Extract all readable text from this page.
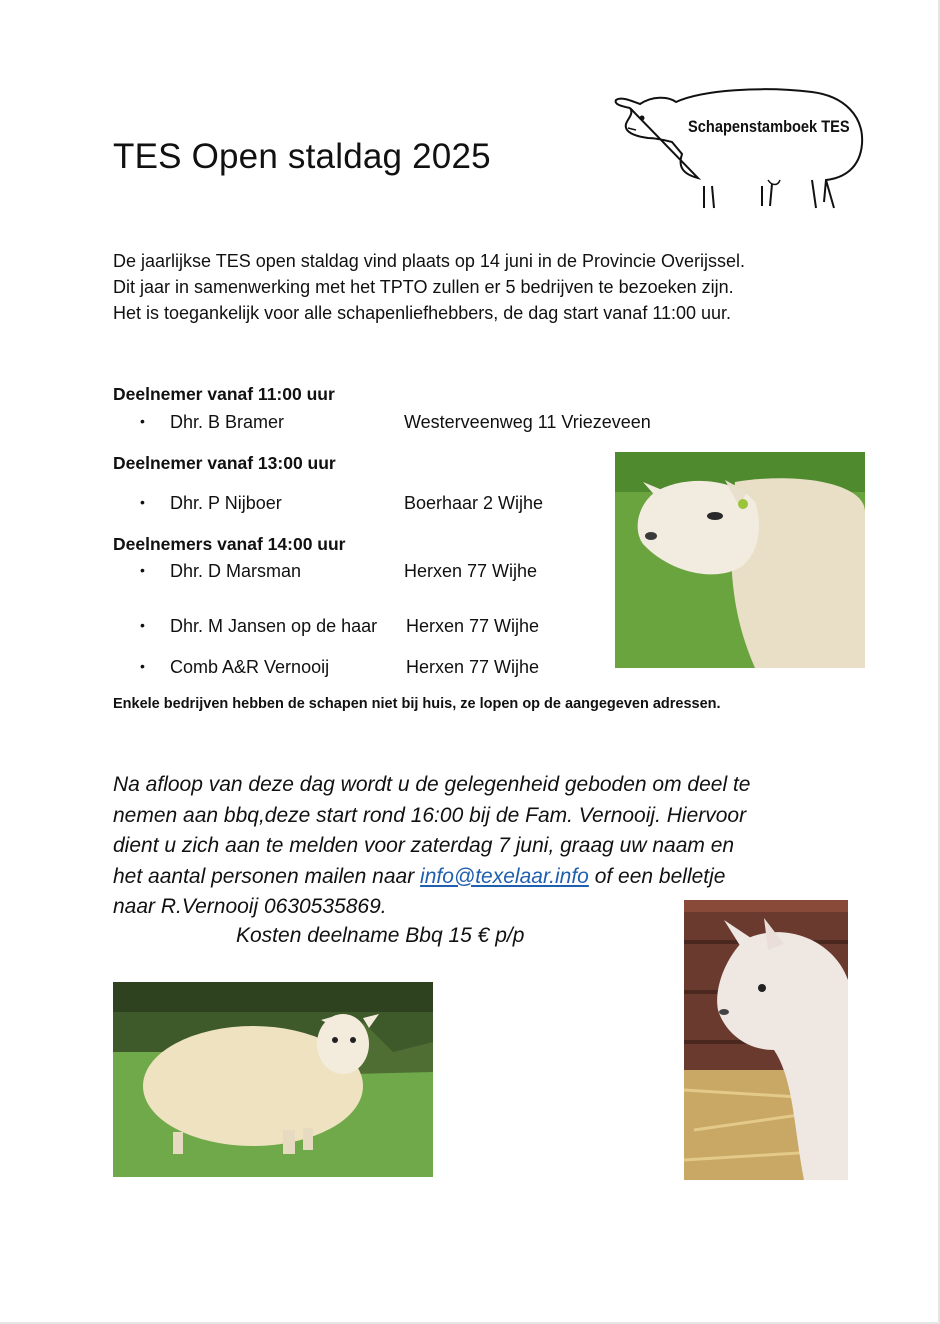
TES Open staldag 2025
Schapenstamboek TES

De jaarlijkse TES open staldag vind plaats op 14 juni in de Provincie Overijssel.

Dit jaar in samenwerking met het TPTO zullen er 5 bedrijven te bezoeken zijn.

Het is toegankelijk voor alle schapenliefhebbers, de dag start vanaf 11:00 uur.

Deelnemer vanaf 11:00 uur
• Dhr. B Bramer	Westerveenweg 11 Vriezeveen
Deelnemer vanaf 13:00 uur
• Dhr. P Nijboer	Boerhaar 2 Wijhe
Deelnemers vanaf 14:00 uur
• Dhr. D Marsman	Herxen 77 Wijhe
• Dhr. M Jansen op de haar Herxen 77 Wijhe
• Comb A&R Vernooij	Herxen 77 Wijhe
Enkele bedrijven hebben de schapen niet bij huis, ze lopen op de aangegeven adressen.

Na afloop van deze dag wordt u de gelegenheid geboden om deel te

nemen aan bbq,deze start rond 16:00 bij de Fam. Vernooij. Hiervoor

dient u zich aan te melden voor zaterdag 7 juni, graag uw naam en

het aantal personen mailen naar info@texelaar.info of een belletje

naar R.Vernooij 0630535869.

Kosten deelname Bbq 15 € p/p
